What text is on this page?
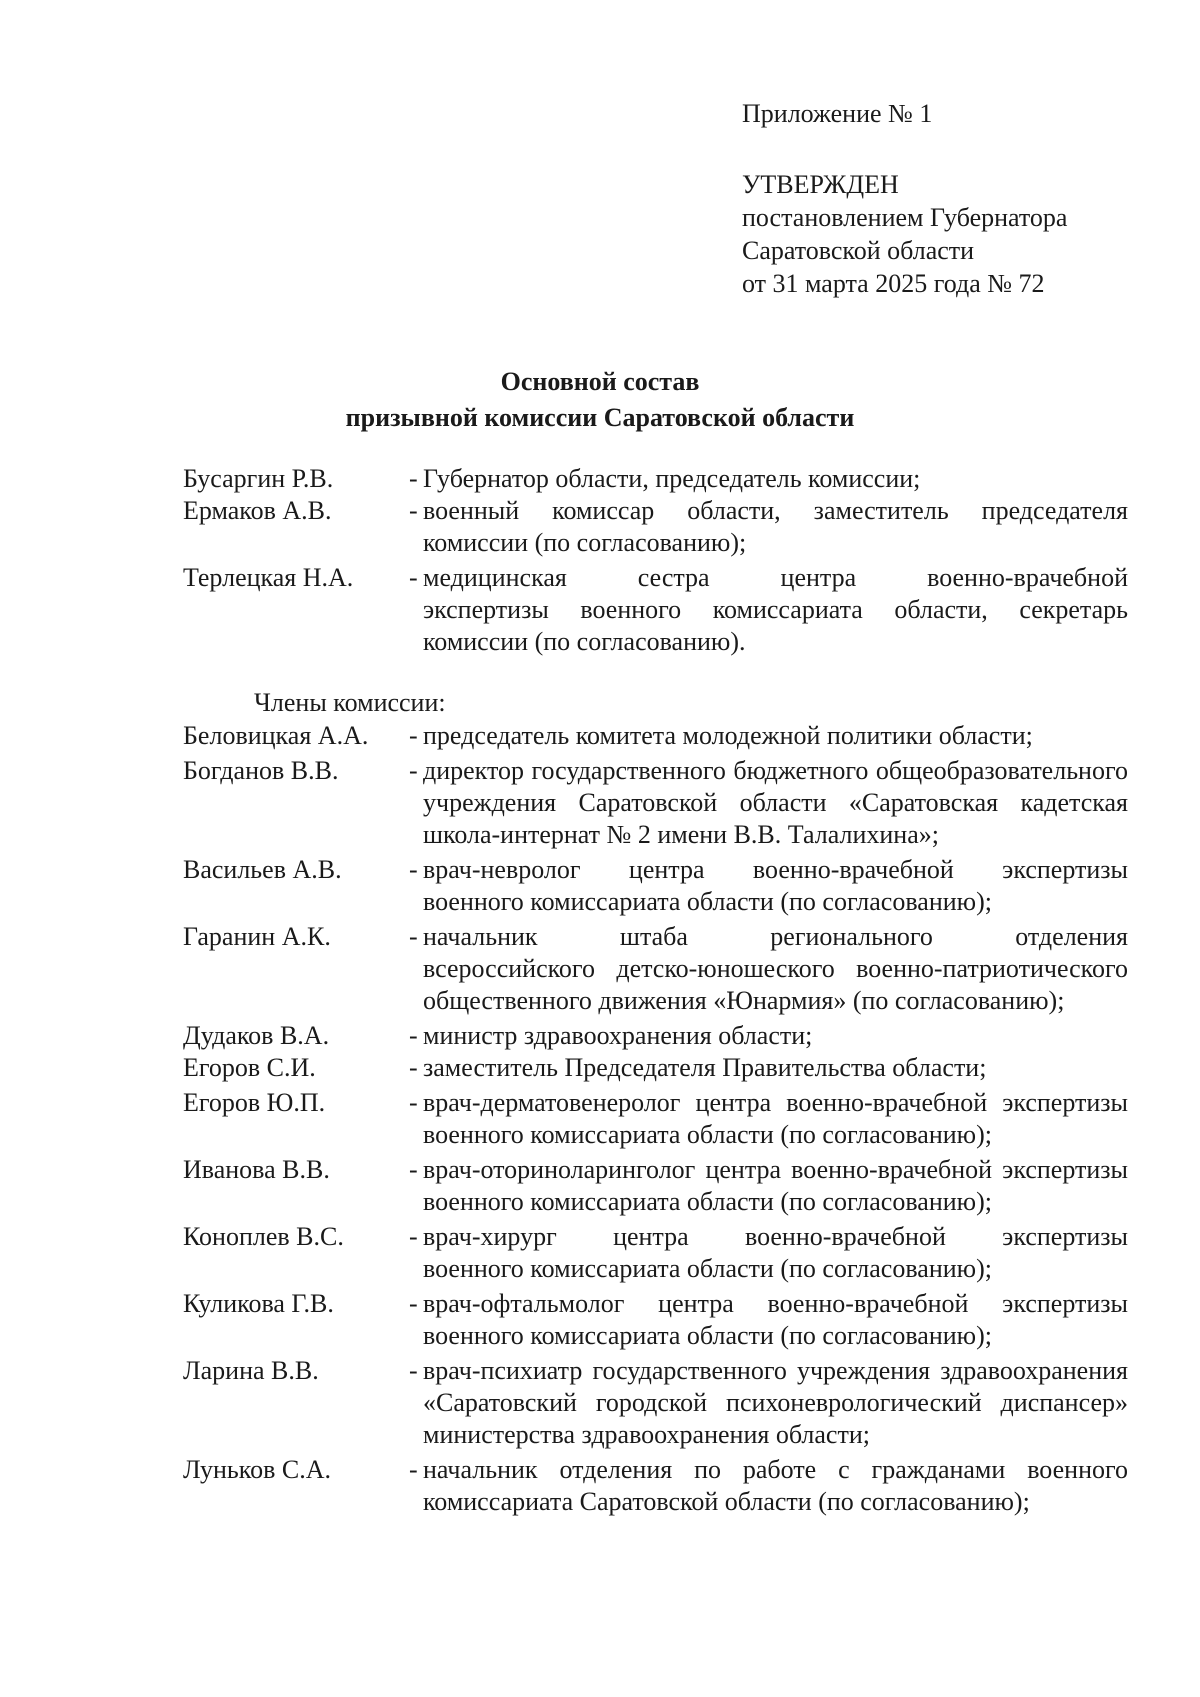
Приложение № 1
УТВЕРЖДЕН
постановлением Губернатора
Саратовской области
от 31 марта 2025 года № 72
Основной состав
призывной комиссии Саратовской области
Бусаргин Р.В.	- Губернатор области, председатель комиссии;
Ермаков А.В.	- военный комиссар области, заместитель председателя
комиссии (по согласованию);
Терлецкая Н.А.	- медицинская сестра центра военно-врачебной
экспертизы военного комиссариата области, секретарь
комиссии (по согласованию).
Члены комиссии:
Беловицкая А.А.	- председатель комитета молодежной политики области;
Богданов В.В.	- директор государственного бюджетного общеобразовательного
учреждения Саратовской области «Саратовская кадетская
школа-интернат № 2 имени В.В. Талалихина»;
Васильев А.В.	- врач-невролог центра военно-врачебной экспертизы
военного комиссариата области (по согласованию);
Гаранин А.К.	- начальник штаба регионального отделения
всероссийского детско-юношеского военно-патриотического
общественного движения «Юнармия» (по согласованию);
Дудаков В.А.	- министр здравоохранения области;
Егоров С.И.	- заместитель Председателя Правительства области;
Егоров Ю.П.	- врач-дерматовенеролог центра военно-врачебной экспертизы
военного комиссариата области (по согласованию);
Иванова В.В.	- врач-оториноларинголог центра военно-врачебной экспертизы
военного комиссариата области (по согласованию);
Коноплев В.С.	- врач-хирург центра военно-врачебной экспертизы
военного комиссариата области (по согласованию);
Куликова Г.В.	- врач-офтальмолог центра военно-врачебной экспертизы
военного комиссариата области (по согласованию);
Ларина В.В.	- врач-психиатр государственного учреждения здравоохранения
«Саратовский городской психоневрологический диспансер»
министерства здравоохранения области;
Луньков С.А.	- начальник отделения по работе с гражданами военного
комиссариата Саратовской области (по согласованию);
